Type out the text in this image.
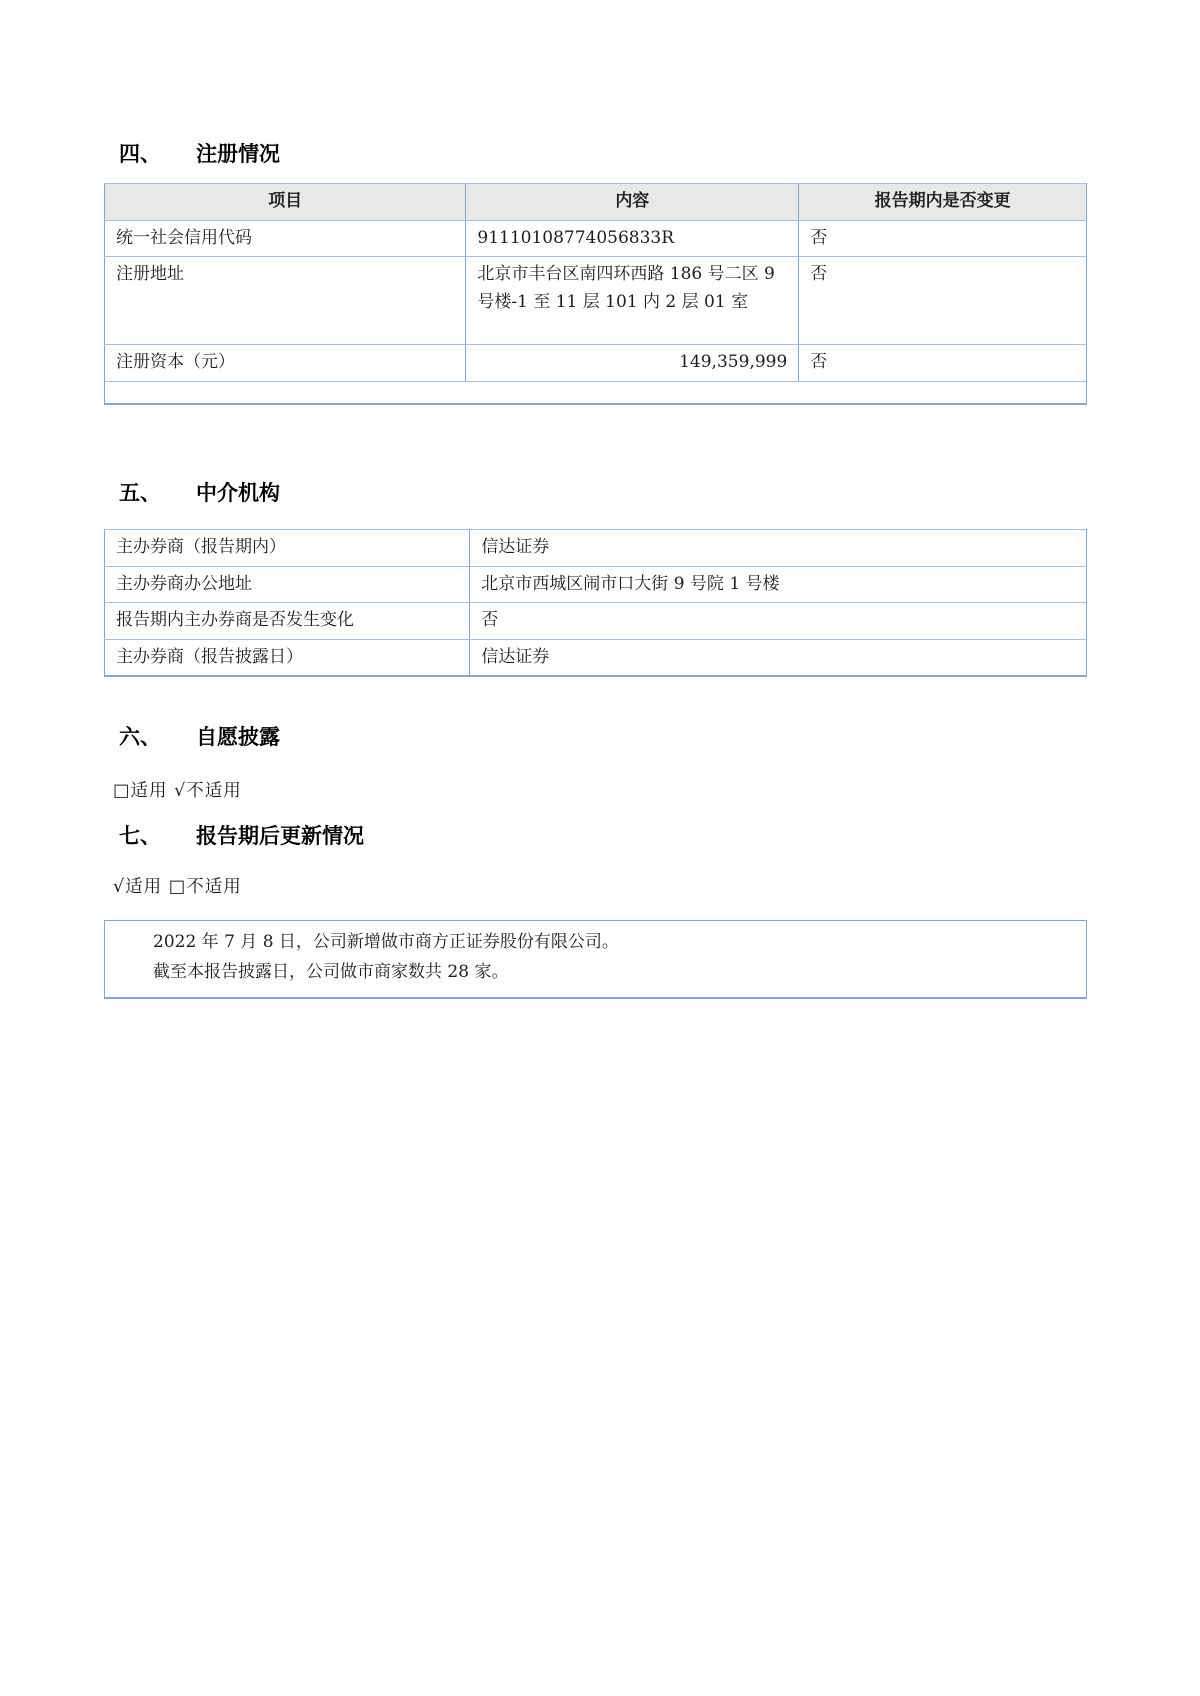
四、	注册情况
项目	内容	报告期内是否变更
统一社会信用代码	91110108774056833R	否
注册地址	北京市丰台区南四环西路 186 号二区 9 号楼-1 至 11 层 101 内 2 层 01 室	否
注册资本（元）	149,359,999	否

五、	中介机构
主办券商（报告期内）	信达证券
主办券商办公地址	北京市西城区闹市口大街 9 号院 1 号楼
报告期内主办券商是否发生变化	否
主办券商（报告披露日）	信达证券
六、	自愿披露
□适用 √不适用
七、	报告期后更新情况
√适用 □不适用

2022 年 7 月 8 日，公司新增做市商方正证券股份有限公司。

截至本报告披露日，公司做市商家数共 28 家。
